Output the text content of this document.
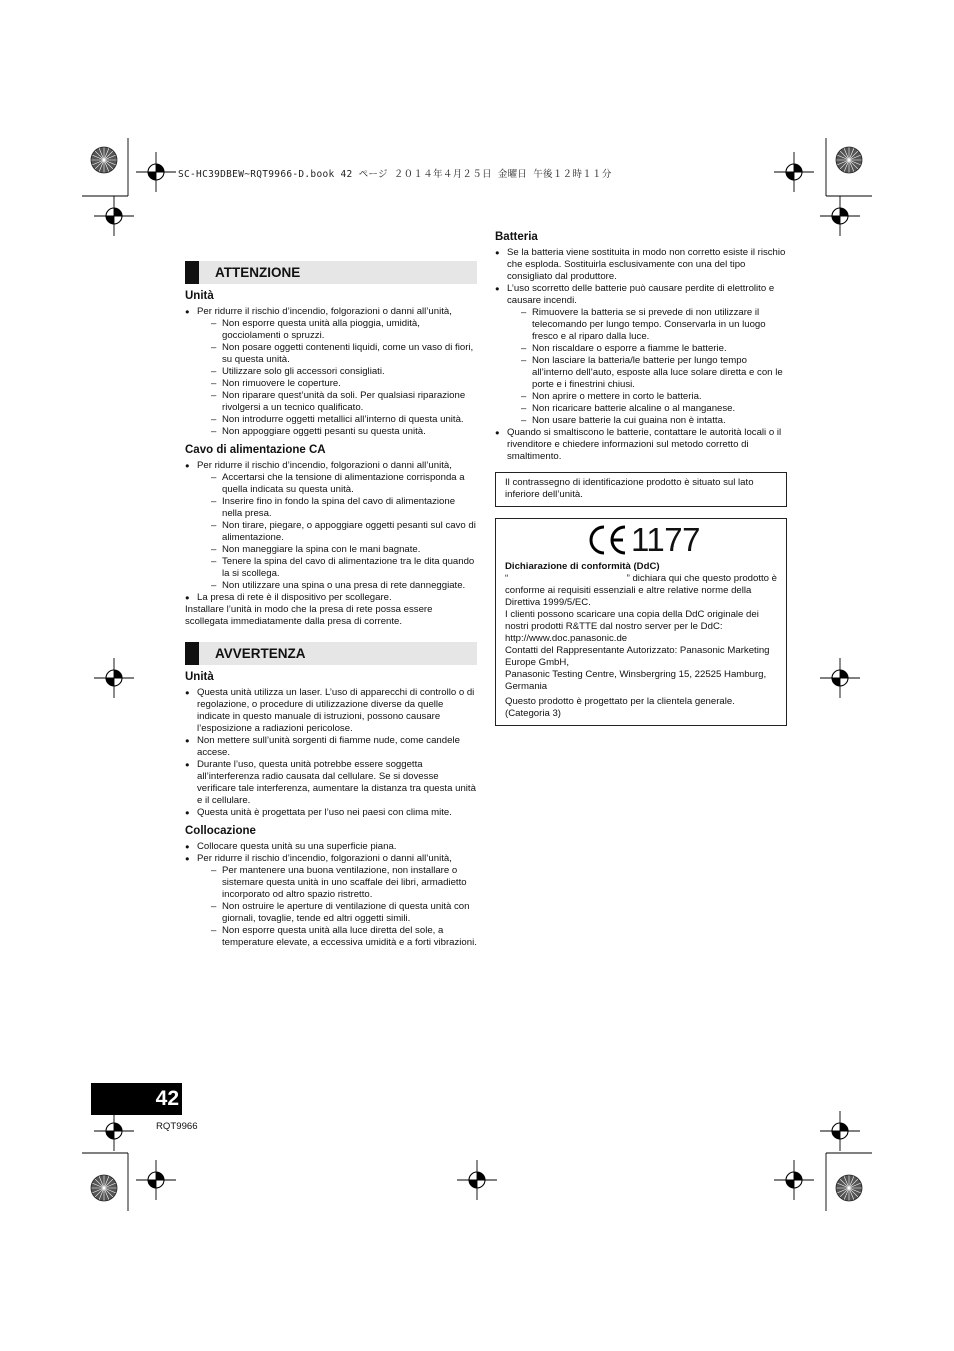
SC-HC39DBEW~RQT9966-D.book 42 ページ ２０１４年４月２５日 金曜日 午後１２時１１分
ATTENZIONE
Unità
● Per ridurre il rischio d’incendio, folgorazioni o danni all’unità,
– Non esporre questa unità alla pioggia, umidità, gocciolamenti o spruzzi.
– Non posare oggetti contenenti liquidi, come un vaso di fiori, su questa unità.
– Utilizzare solo gli accessori consigliati.
– Non rimuovere le coperture.
– Non riparare quest’unità da soli. Per qualsiasi riparazione rivolgersi a un tecnico qualificato.
– Non introdurre oggetti metallici all’interno di questa unità.
– Non appoggiare oggetti pesanti su questa unità.
Cavo di alimentazione CA
● Per ridurre il rischio d’incendio, folgorazioni o danni all’unità,
– Accertarsi che la tensione di alimentazione corrisponda a quella indicata su questa unità.
– Inserire fino in fondo la spina del cavo di alimentazione nella presa.
– Non tirare, piegare, o appoggiare oggetti pesanti sul cavo di alimentazione.
– Non maneggiare la spina con le mani bagnate.
– Tenere la spina del cavo di alimentazione tra le dita quando la si scollega.
– Non utilizzare una spina o una presa di rete danneggiate.
● La presa di rete è il dispositivo per scollegare.
Installare l’unità in modo che la presa di rete possa essere scollegata immediatamente dalla presa di corrente.
AVVERTENZA
Unità
● Questa unità utilizza un laser. L’uso di apparecchi di controllo o di regolazione, o procedure di utilizzazione diverse da quelle indicate in questo manuale di istruzioni, possono causare l’esposizione a radiazioni pericolose.
● Non mettere sull’unità sorgenti di fiamme nude, come candele accese.
● Durante l’uso, questa unità potrebbe essere soggetta all’interferenza radio causata dal cellulare. Se si dovesse verificare tale interferenza, aumentare la distanza tra questa unità e il cellulare.
● Questa unità è progettata per l’uso nei paesi con clima mite.
Collocazione
● Collocare questa unità su una superficie piana.
● Per ridurre il rischio d’incendio, folgorazioni o danni all’unità,
– Per mantenere una buona ventilazione, non installare o sistemare questa unità in uno scaffale dei libri, armadietto incorporato od altro spazio ristretto.
– Non ostruire le aperture di ventilazione di questa unità con giornali, tovaglie, tende ed altri oggetti simili.
– Non esporre questa unità alla luce diretta del sole, a temperature elevate, a eccessiva umidità e a forti vibrazioni.
Batteria
● Se la batteria viene sostituita in modo non corretto esiste il rischio che esploda. Sostituirla esclusivamente con una del tipo consigliato dal produttore.
● L’uso scorretto delle batterie può causare perdite di elettrolito e causare incendi.
– Rimuovere la batteria se si prevede di non utilizzare il telecomando per lungo tempo. Conservarla in un luogo fresco e al riparo dalla luce.
– Non riscaldare o esporre a fiamme le batterie.
– Non lasciare la batteria/le batterie per lungo tempo all’interno dell’auto, esposte alla luce solare diretta e con le porte e i finestrini chiusi.
– Non aprire o mettere in corto le batteria.
– Non ricaricare batterie alcaline o al manganese.
– Non usare batterie la cui guaina non è intatta.
● Quando si smaltiscono le batterie, contattare le autorità locali o il rivenditore e chiedere informazioni sul metodo corretto di smaltimento.
Il contrassegno di identificazione prodotto è situato sul lato inferiore dell’unità.
1177
Dichiarazione di conformità (DdC)
“	” dichiara qui che questo prodotto è
conforme ai requisiti essenziali e altre relative norme della Direttiva 1999/5/EC.
I clienti possono scaricare una copia della DdC originale dei nostri prodotti R&TTE dal nostro server per le DdC:
http://www.doc.panasonic.de
Contatti del Rappresentante Autorizzato: Panasonic Marketing Europe GmbH,
Panasonic Testing Centre, Winsbergring 15, 22525 Hamburg, Germania
Questo prodotto è progettato per la clientela generale. (Categoria 3)
42
RQT9966
